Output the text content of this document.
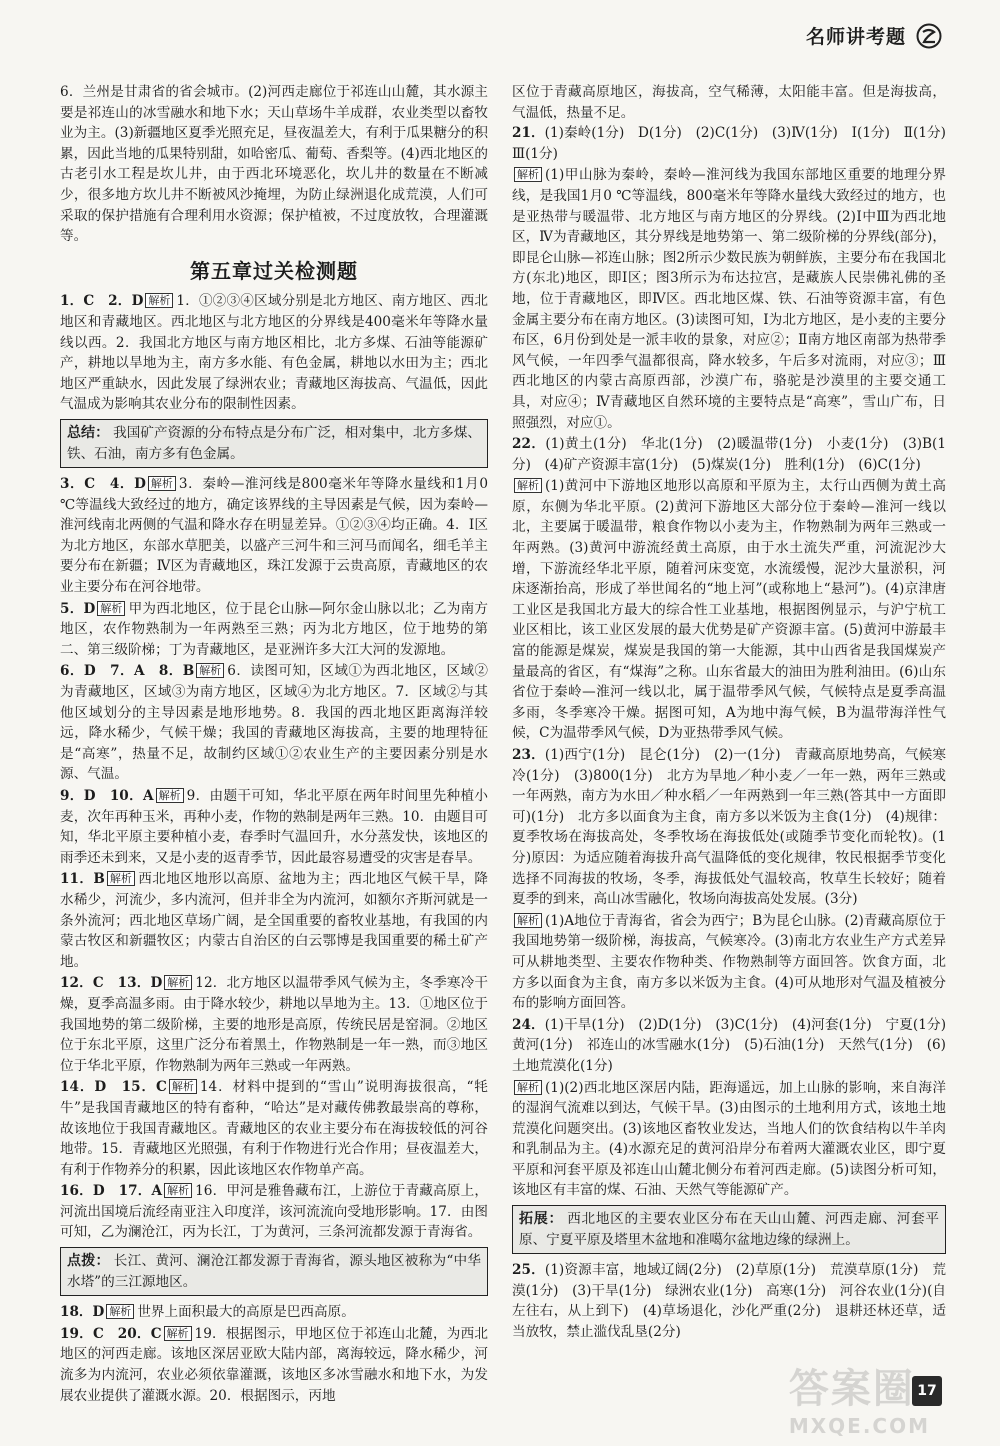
名师讲考题

6．兰州是甘肃省的省会城市。(2)河西走廊位于祁连山山麓，其水源主要是祁连山的冰雪融水和地下水；天山草场牛羊成群，农业类型以畜牧业为主。(3)新疆地区夏季光照充足，昼夜温差大，有利于瓜果糖分的积累，因此当地的瓜果特别甜，如哈密瓜、葡萄、香梨等。(4)西北地区的古老引水工程是坎儿井，由于西北环境恶化，坎儿井的数量在不断减少，很多地方坎儿井不断被风沙掩埋，为防止绿洲退化成荒漠，人们可采取的保护措施有合理利用水资源；保护植被，不过度放牧，合理灌溉等。

第五章过关检测题
1．C　2．D 解析 1．①②③④区域分别是北方地区、南方地区、西北地区和青藏地区。西北地区与北方地区的分界线是400毫米年等降水量线以西。2．我国北方地区与南方地区相比，北方多煤、石油等能源矿产，耕地以旱地为主，南方多水能、有色金属，耕地以水田为主；西北地区严重缺水，因此发展了绿洲农业；青藏地区海拔高、气温低，因此气温成为影响其农业分布的限制性因素。
总结： 我国矿产资源的分布特点是分布广泛，相对集中，北方多煤、铁、石油，南方多有色金属。
3．C　4．D 解析 3．秦岭—淮河线是800毫米年等降水量线和1月0 ℃等温线大致经过的地方，确定该界线的主导因素是气候，因为秦岭—淮河线南北两侧的气温和降水存在明显差异。①②③④均正确。4．Ⅰ区为北方地区，东部水草肥美，以盛产三河牛和三河马而闻名，细毛羊主要分布在新疆；Ⅳ区为青藏地区，珠江发源于云贵高原，青藏地区的农业主要分布在河谷地带。
5．D 解析 甲为西北地区，位于昆仑山脉—阿尔金山脉以北；乙为南方地区，农作物熟制为一年两熟至三熟；丙为北方地区，位于地势的第二、第三级阶梯；丁为青藏地区，是亚洲许多大江大河的发源地。
6．D　7．A　8．B 解析 6．读图可知，区域①为西北地区，区域②为青藏地区，区域③为南方地区，区域④为北方地区。7．区域②与其他区域划分的主导因素是地形地势。8．我国的西北地区距离海洋较远，降水稀少，气候干燥；我国的青藏地区海拔高，主要的地理特征是“高寒”，热量不足，故制约区域①②农业生产的主要因素分别是水源、气温。
9．D　10．A 解析 9．由题干可知，华北平原在两年时间里先种植小麦，次年再种玉米，再种小麦，作物的熟制是两年三熟。10．由题目可知，华北平原主要种植小麦，春季时气温回升，水分蒸发快，该地区的雨季还未到来，又是小麦的返青季节，因此最容易遭受的灾害是春旱。
11．B 解析 西北地区地形以高原、盆地为主；西北地区气候干旱，降水稀少，河流少，多内流河，但并非全为内流河，如额尔齐斯河就是一条外流河；西北地区草场广阔，是全国重要的畜牧业基地，有我国的内蒙古牧区和新疆牧区；内蒙古自治区的白云鄂博是我国重要的稀土矿产地。
12．C　13．D 解析 12．北方地区以温带季风气候为主，冬季寒冷干燥，夏季高温多雨。由于降水较少，耕地以旱地为主。13．①地区位于我国地势的第二级阶梯，主要的地形是高原，传统民居是窑洞。②地区位于东北平原，这里广泛分布着黑土，作物熟制是一年一熟，而③地区位于华北平原，作物熟制为两年三熟或一年两熟。
14．D　15．C 解析 14．材料中提到的“雪山”说明海拔很高，“牦牛”是我国青藏地区的特有畜种，“哈达”是对藏传佛教最崇高的尊称，故该地位于我国青藏地区。青藏地区的农业主要分布在海拔较低的河谷地带。15．青藏地区光照强，有利于作物进行光合作用；昼夜温差大，有利于作物养分的积累，因此该地区农作物单产高。
16．D　17．A 解析 16．甲河是雅鲁藏布江，上游位于青藏高原上，河流出国境后流经南亚注入印度洋，该河流流向受地形影响。17．由图可知，乙为澜沧江，丙为长江，丁为黄河，三条河流都发源于青海省。
点拨： 长江、黄河、澜沧江都发源于青海省，源头地区被称为“中华水塔”的三江源地区。
18．D 解析 世界上面积最大的高原是巴西高原。
19．C　20．C 解析 19．根据图示，甲地区位于祁连山北麓，为西北地区的河西走廊。该地区深居亚欧大陆内部，离海较远，降水稀少，河流多为内流河，农业必须依靠灌溉，该地区多冰雪融水和地下水，为发展农业提供了灌溉水源。20．根据图示，丙地

区位于青藏高原地区，海拔高，空气稀薄，太阳能丰富。但是海拔高，气温低，热量不足。

21．(1)秦岭(1分)　D(1分)　(2)C(1分)　(3)Ⅳ(1分)　Ⅰ(1分)　Ⅱ(1分)　Ⅲ(1分)
解析 (1)甲山脉为秦岭，秦岭—淮河线为我国东部地区重要的地理分界线，是我国1月0 ℃等温线，800毫米年等降水量线大致经过的地方，也是亚热带与暖温带、北方地区与南方地区的分界线。(2)Ⅰ中Ⅲ为西北地区，Ⅳ为青藏地区，其分界线是地势第一、第二级阶梯的分界线(部分)，即昆仑山脉—祁连山脉；图2所示少数民族为朝鲜族，主要分布在我国北方(东北)地区，即Ⅰ区；图3所示为布达拉宫，是藏族人民崇佛礼佛的圣地，位于青藏地区，即Ⅳ区。西北地区煤、铁、石油等资源丰富，有色金属主要分布在南方地区。(3)读图可知，Ⅰ为北方地区，是小麦的主要分布区，6月份到处是一派丰收的景象，对应②；Ⅱ南方地区南部为热带季风气候，一年四季气温都很高，降水较多，午后多对流雨，对应③；Ⅲ西北地区的内蒙古高原西部，沙漠广布，骆驼是沙漠里的主要交通工具，对应④；Ⅳ青藏地区自然环境的主要特点是“高寒”，雪山广布，日照强烈，对应①。
22．(1)黄土(1分)　华北(1分)　(2)暖温带(1分)　小麦(1分)　(3)B(1分)　(4)矿产资源丰富(1分)　(5)煤炭(1分)　胜利(1分)　(6)C(1分)
解析 (1)黄河中下游地区地形以高原和平原为主，太行山西侧为黄土高原，东侧为华北平原。(2)黄河下游地区大部分位于秦岭—淮河一线以北，主要属于暖温带，粮食作物以小麦为主，作物熟制为两年三熟或一年两熟。(3)黄河中游流经黄土高原，由于水土流失严重，河流泥沙大增，下游流经华北平原，随着河床变宽，水流缓慢，泥沙大量淤积，河床逐渐抬高，形成了举世闻名的“地上河”(或称地上“悬河”)。(4)京津唐工业区是我国北方最大的综合性工业基地，根据图例显示，与沪宁杭工业区相比，该工业区发展的最大优势是矿产资源丰富。(5)黄河中游最丰富的能源是煤炭，煤炭是我国的第一大能源，其中山西省是我国煤炭产量最高的省区，有“煤海”之称。山东省最大的油田为胜利油田。(6)山东省位于秦岭—淮河一线以北，属于温带季风气候，气候特点是夏季高温多雨，冬季寒冷干燥。据图可知，A为地中海气候，B为温带海洋性气候，C为温带季风气候，D为亚热带季风气候。
23．(1)西宁(1分)　昆仑(1分)　(2)一(1分)　青藏高原地势高，气候寒冷(1分)　(3)800(1分)　北方为旱地／种小麦／一年一熟，两年三熟或一年两熟，南方为水田／种水稻／一年两熟到一年三熟(答其中一方面即可)(1分)　北方多以面食为主食，南方多以米饭为主食(1分)　(4)规律：夏季牧场在海拔高处，冬季牧场在海拔低处(或随季节变化而轮牧)。(1分)原因：为适应随着海拔升高气温降低的变化规律，牧民根据季节变化选择不同海拔的牧场，冬季，海拔低处气温较高，牧草生长较好；随着夏季的到来，高山冰雪融化，牧场向海拔高处发展。(3分)
解析 (1)A地位于青海省，省会为西宁；B为昆仑山脉。(2)青藏高原位于我国地势第一级阶梯，海拔高，气候寒冷。(3)南北方农业生产方式差异可从耕地类型、主要农作物种类、作物熟制等方面回答。饮食方面，北方多以面食为主食，南方多以米饭为主食。(4)可从地形对气温及植被分布的影响方面回答。
24．(1)干旱(1分)　(2)D(1分)　(3)C(1分)　(4)河套(1分)　宁夏(1分)　黄河(1分)　祁连山的冰雪融水(1分)　(5)石油(1分)　天然气(1分)　(6)土地荒漠化(1分)
解析 (1)(2)西北地区深居内陆，距海遥远，加上山脉的影响，来自海洋的湿润气流难以到达，气候干旱。(3)由图示的土地利用方式，该地土地荒漠化问题突出。(3)该地区畜牧业发达，当地人们的饮食结构以牛羊肉和乳制品为主。(4)水源充足的黄河沿岸分布着两大灌溉农业区，即宁夏平原和河套平原及祁连山山麓北侧分布着河西走廊。(5)读图分析可知，该地区有丰富的煤、石油、天然气等能源矿产。
拓展： 西北地区的主要农业区分布在天山山麓、河西走廊、河套平原、宁夏平原及塔里木盆地和准噶尔盆地边缘的绿洲上。
25．(1)资源丰富，地域辽阔(2分)　(2)草原(1分)　荒漠草原(1分)　荒漠(1分)　(3)干旱(1分)　绿洲农业(1分)　高寒(1分)　河谷农业(1分)(自左往右，从上到下)　(4)草场退化，沙化严重(2分)　退耕还林还草，适当放牧，禁止滥伐乱垦(2分)
17
答案圈
MXQE.COM
